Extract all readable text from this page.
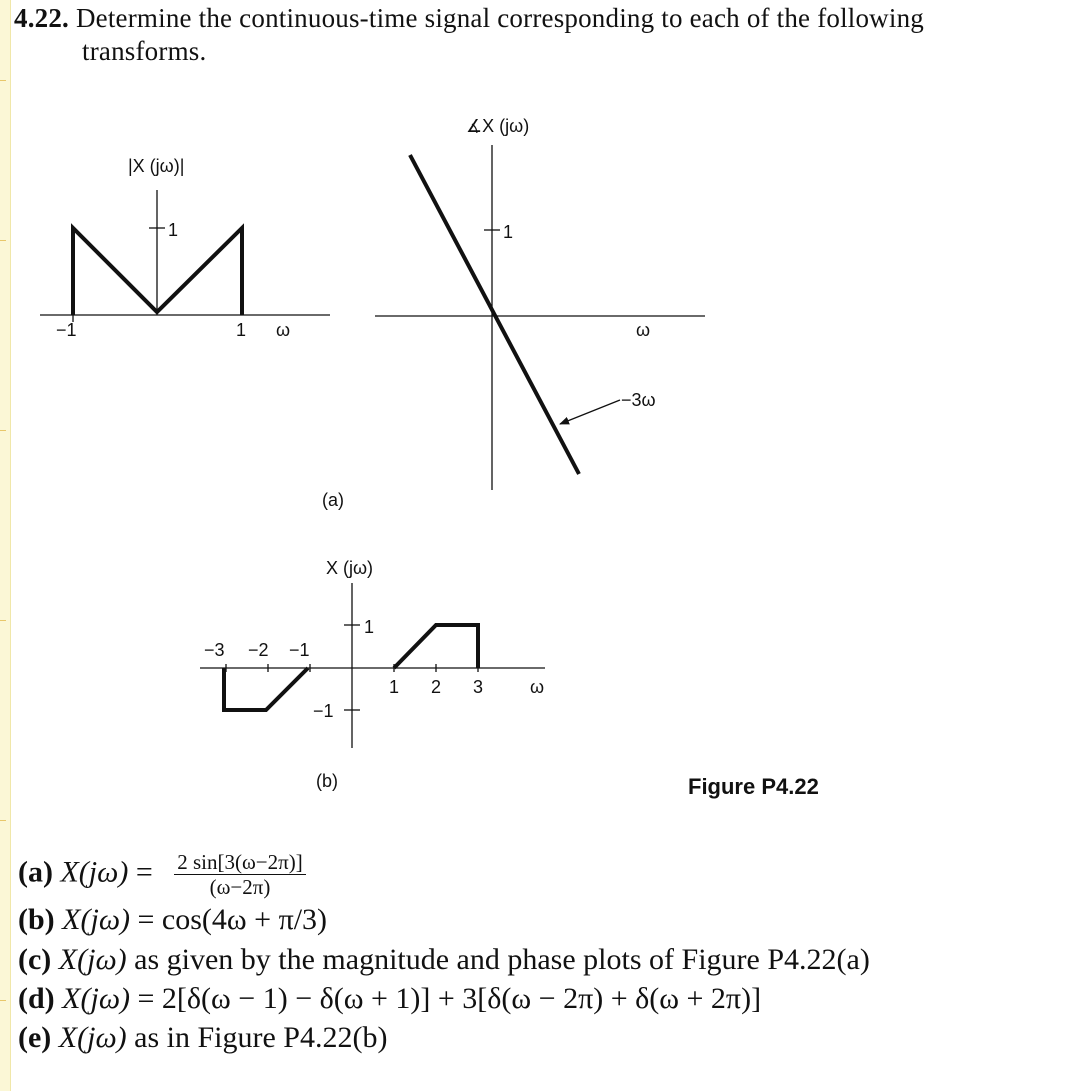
4.22. Determine the continuous-time signal corresponding to each of the following
transforms.
|X (jω)|
1
−1	1 ω
∡X (jω)
1
ω
−3ω
(a)
X (jω)
1
−1
−3 −2 −1
1 2 3	ω
(b)	Figure P4.22
(a) $X(j\omega) = \frac{2 \sin[3(\omega-2\pi)]}{(\omega-2\pi)}$
(b) X(jω) = cos(4ω + π/3)
(c) X(jω) as given by the magnitude and phase plots of Figure P4.22(a)
(d) X(jω) = 2[δ(ω − 1) − δ(ω + 1)] + 3[δ(ω − 2π) + δ(ω + 2π)]
(e) X(jω) as in Figure P4.22(b)
